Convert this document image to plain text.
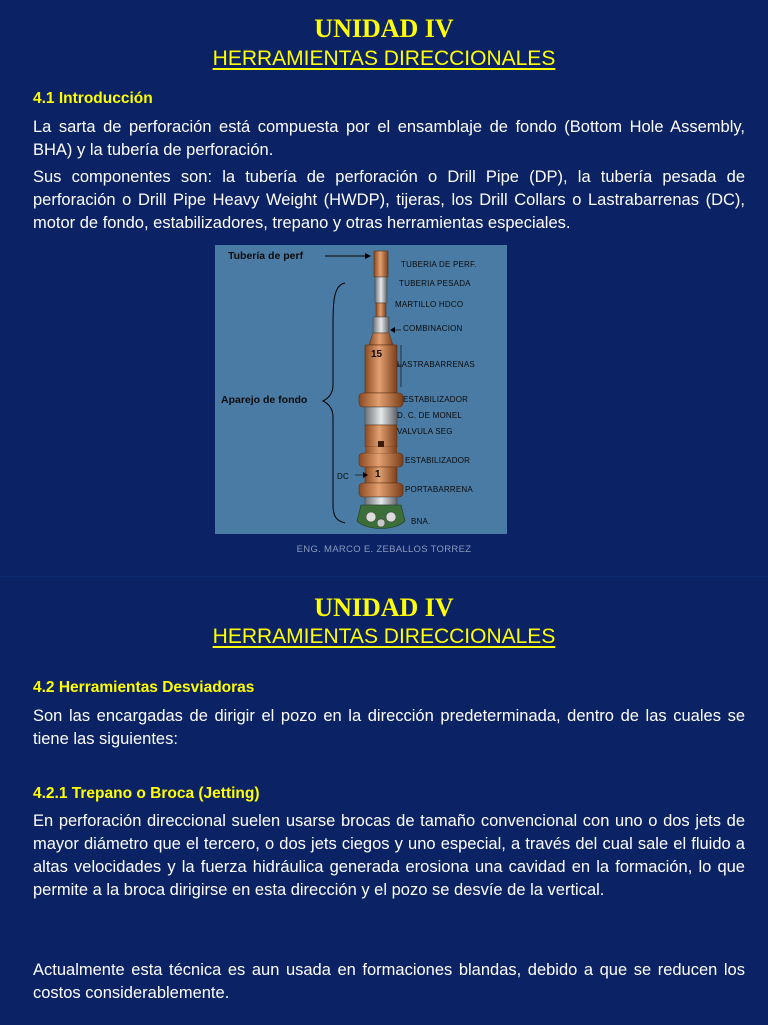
UNIDAD IV
HERRAMIENTAS DIRECCIONALES
4.1 Introducción
La sarta de perforación está compuesta por el ensamblaje de fondo (Bottom Hole Assembly, BHA) y la tubería de perforación.
Sus componentes son: la tubería de perforación o Drill Pipe (DP), la tubería pesada de perforación o Drill Pipe Heavy Weight (HWDP), tijeras, los Drill Collars o Lastrabarrenas (DC), motor de fondo, estabilizadores, trepano y otras herramientas especiales.
Tubería de perf
Aparejo de fondo
DC
15
1
TUBERIA DE PERF.
TUBERIA PESADA
MARTILLO HDCO
COMBINACION
LASTRABARRENAS
ESTABILIZADOR
D. C. DE MONEL
VALVULA SEG
ESTABILIZADOR
PORTABARRENA
BNA.
ENG. MARCO E. ZEBALLOS TORREZ
UNIDAD IV
HERRAMIENTAS DIRECCIONALES
4.2 Herramientas Desviadoras
Son las encargadas de dirigir el pozo en la dirección predeterminada, dentro de las cuales se tiene las siguientes:
4.2.1 Trepano o Broca (Jetting)
En perforación direccional suelen usarse brocas de tamaño convencional con uno o dos jets de mayor diámetro que el tercero, o dos jets ciegos y uno especial, a través del cual sale el fluido a altas velocidades y la fuerza hidráulica generada erosiona una cavidad en la formación, lo que permite a la broca dirigirse en esta dirección y el pozo se desvíe de la vertical.
Actualmente esta técnica es aun usada en formaciones blandas, debido a que se reducen los costos considerablemente.
